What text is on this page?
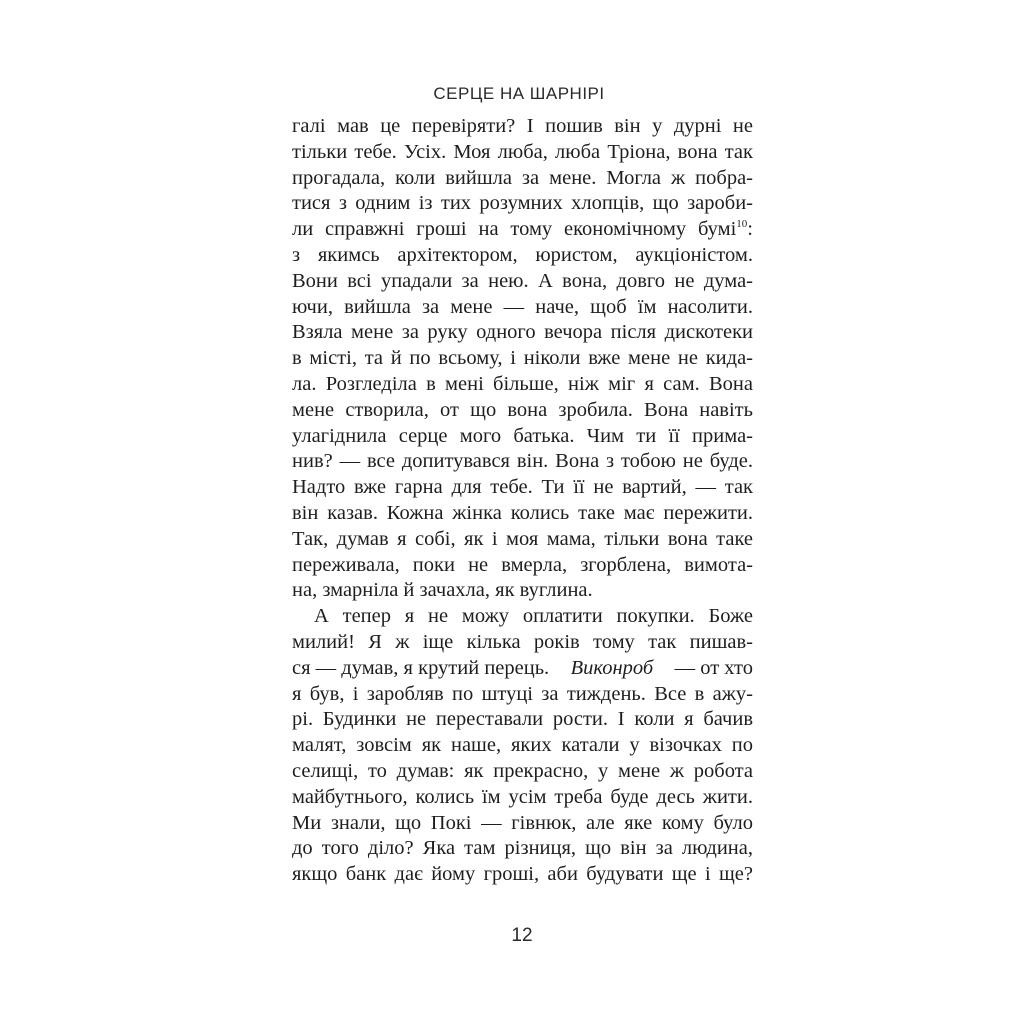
СЕРЦЕ НА ШАРНІРІ
галі мав це перевіряти? І пошив він у дурні не
тільки тебе. Усіх. Моя люба, люба Тріона, вона так
прогадала, коли вийшла за мене. Могла ж побра-
тися з одним із тих розумних хлопців, що зароби-
ли справжні гроші на тому економічному бумі$^{10}$:
з якимсь архітектором, юристом, аукціоністом.
Вони всі упадали за нею. А вона, довго не дума-
ючи, вийшла за мене — наче, щоб їм насолити.
Взяла мене за руку одного вечора після дискотеки
в місті, та й по всьому, і ніколи вже мене не кида-
ла. Розгледіла в мені більше, ніж міг я сам. Вона
мене створила, от що вона зробила. Вона навіть
улагіднила серце мого батька. Чим ти її прима-
нив? — все допитувався він. Вона з тобою не буде.
Надто вже гарна для тебе. Ти її не вартий, — так
він казав. Кожна жінка колись таке має пережити.
Так, думав я собі, як і моя мама, тільки вона таке
переживала, поки не вмерла, згорблена, вимота-
на, змарніла й зачахла, як вуглина.
А тепер я не можу оплатити покупки. Боже
милий! Я ж іще кілька років тому так пишав-
ся — думав, я крутий перець. Виконроб — от хто
я був, і заробляв по штуці за тиждень. Все в ажу-
рі. Будинки не переставали рости. І коли я бачив
малят, зовсім як наше, яких катали у візочках по
селищі, то думав: як прекрасно, у мене ж робота
майбутнього, колись їм усім треба буде десь жити.
Ми знали, що Покі — гівнюк, але яке кому було
до того діло? Яка там різниця, що він за людина,
якщо банк дає йому гроші, аби будувати ще і ще?
12
